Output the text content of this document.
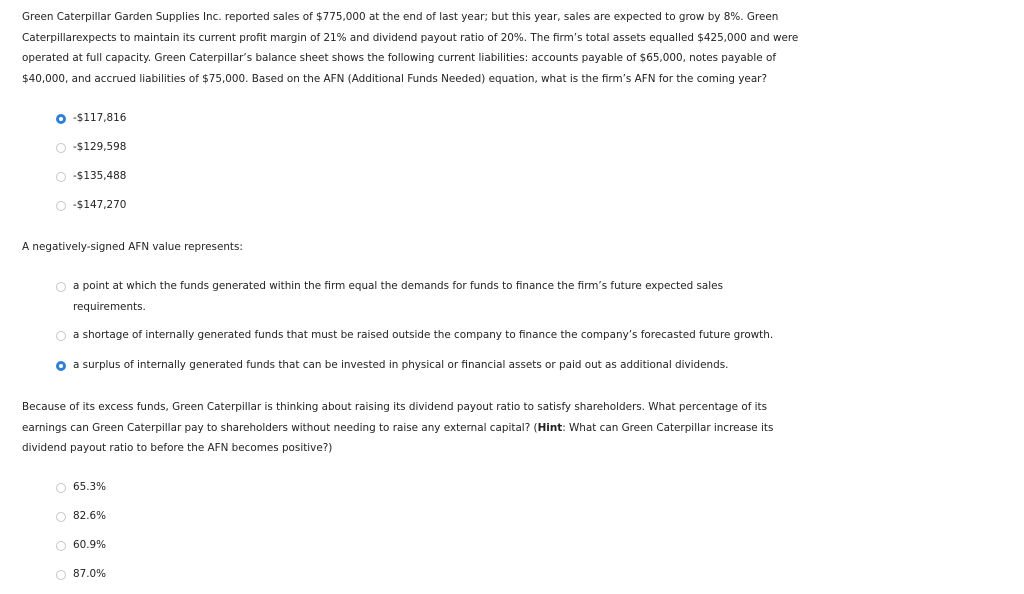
Green Caterpillar Garden Supplies Inc. reported sales of $775,000 at the end of last year; but this year, sales are expected to grow by 8%. Green Caterpillarexpects to maintain its current profit margin of 21% and dividend payout ratio of 20%. The firm’s total assets equalled $425,000 and were operated at full capacity. Green Caterpillar’s balance sheet shows the following current liabilities: accounts payable of $65,000, notes payable of $40,000, and accrued liabilities of $75,000. Based on the AFN (Additional Funds Needed) equation, what is the firm’s AFN for the coming year?

-$117,816
-$129,598
-$135,488
-$147,270

A negatively-signed AFN value represents:

a point at which the funds generated within the firm equal the demands for funds to finance the firm’s future expected sales requirements.
a shortage of internally generated funds that must be raised outside the company to finance the company’s forecasted future growth.
a surplus of internally generated funds that can be invested in physical or financial assets or paid out as additional dividends.

Because of its excess funds, Green Caterpillar is thinking about raising its dividend payout ratio to satisfy shareholders. What percentage of its earnings can Green Caterpillar pay to shareholders without needing to raise any external capital? (Hint: What can Green Caterpillar increase its dividend payout ratio to before the AFN becomes positive?)

65.3%
82.6%
60.9%
87.0%
